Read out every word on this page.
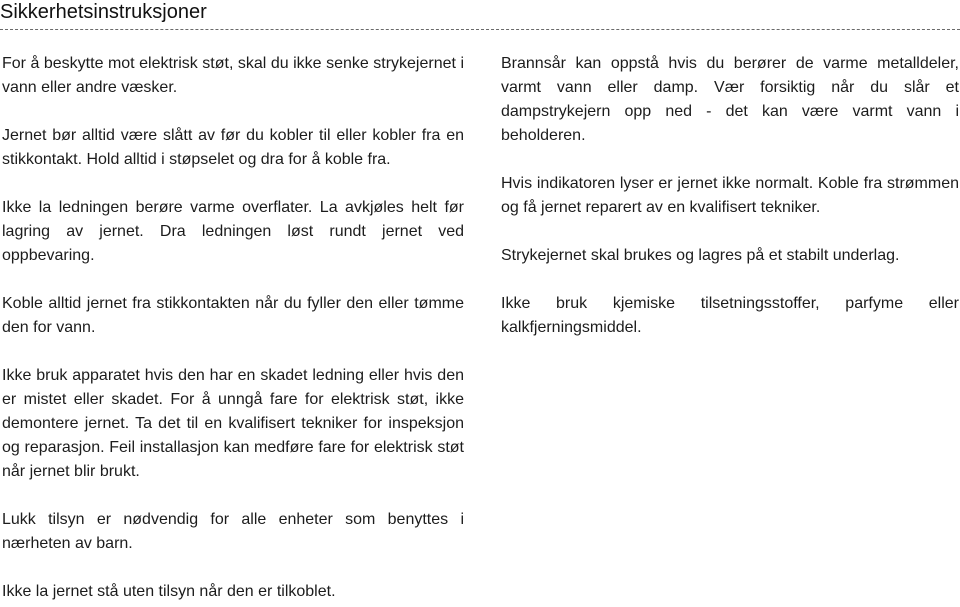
Sikkerhetsinstruksjoner

For å beskytte mot elektrisk støt, skal du ikke senke strykejernet i vann eller andre væsker.

Jernet bør alltid være slått av før du kobler til eller kobler fra en stikkontakt. Hold alltid i støpselet og dra for å koble fra.

Ikke la ledningen berøre varme overflater. La avkjøles helt før lagring av jernet. Dra ledningen løst rundt jernet ved oppbevaring.

Koble alltid jernet fra stikkontakten når du fyller den eller tømme den for vann.

Ikke bruk apparatet hvis den har en skadet ledning eller hvis den er mistet eller skadet. For å unngå fare for elektrisk støt, ikke demontere jernet. Ta det til en kvalifisert tekniker for inspeksjon og reparasjon. Feil installasjon kan medføre fare for elektrisk støt når jernet blir brukt.

Lukk tilsyn er nødvendig for alle enheter som benyttes i nærheten av barn.

Ikke la jernet stå uten tilsyn når den er tilkoblet.

Brannsår kan oppstå hvis du berører de varme metalldeler, varmt vann eller damp. Vær forsiktig når du slår et dampstrykejern opp ned - det kan være varmt vann i beholderen.

Hvis indikatoren lyser er jernet ikke normalt. Koble fra strømmen og få jernet reparert av en kvalifisert tekniker.

Strykejernet skal brukes og lagres på et stabilt underlag.

Ikke bruk kjemiske tilsetningsstoffer, parfyme eller kalkfjerningsmiddel.
